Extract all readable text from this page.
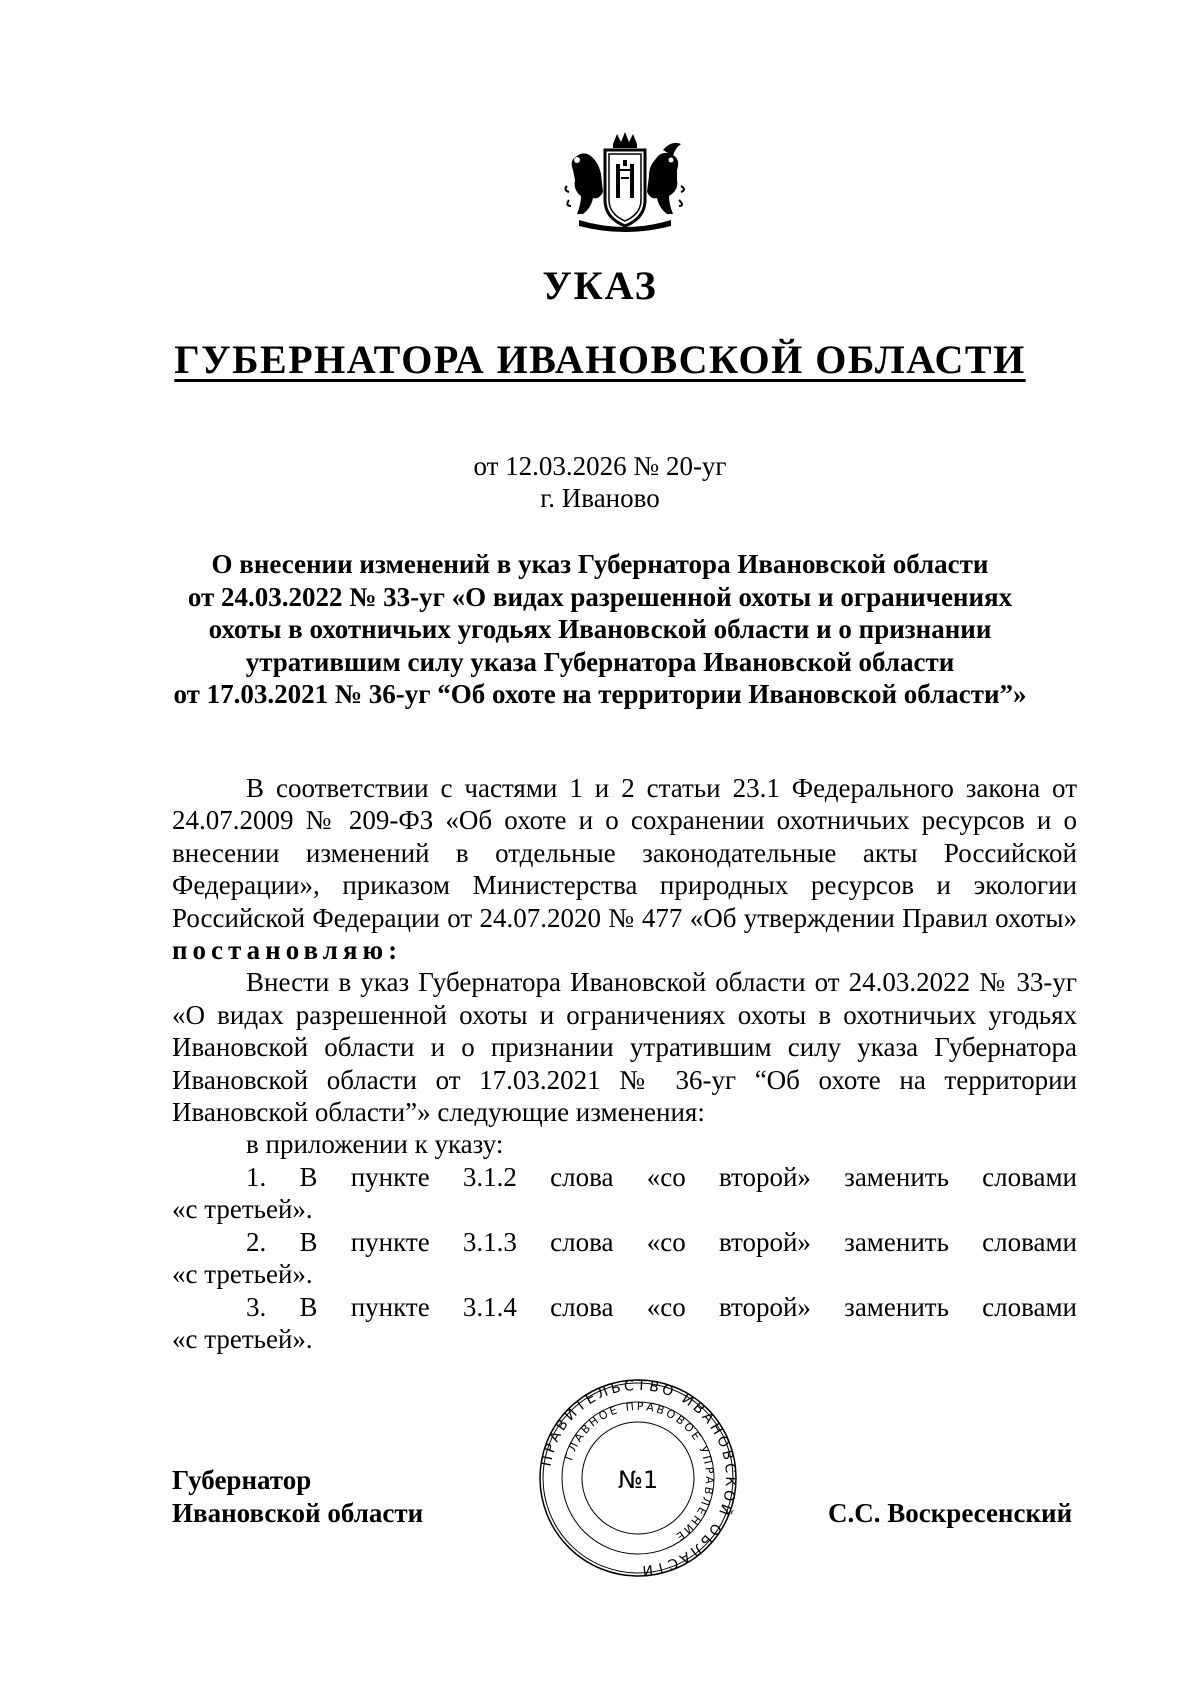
УКАЗ
ГУБЕРНАТОРА ИВАНОВСКОЙ ОБЛАСТИ
от 12.03.2026 № 20-уг
г. Иваново
О внесении изменений в указ Губернатора Ивановской области
от 24.03.2022 № 33-уг «О видах разрешенной охоты и ограничениях
охоты в охотничьих угодьях Ивановской области и о признании
утратившим силу указа Губернатора Ивановской области
от 17.03.2021 № 36-уг “Об охоте на территории Ивановской области”»

В соответствии с частями 1 и 2 статьи 23.1 Федерального закона от 24.07.2009 № 209-ФЗ «Об охоте и о сохранении охотничьих ресурсов и о внесении изменений в отдельные законодательные акты Российской Федерации», приказом Министерства природных ресурсов и экологии Российской Федерации от 24.07.2020 № 477 «Об утверждении Правил охоты» постановляю:

Внести в указ Губернатора Ивановской области от 24.03.2022 № 33-уг «О видах разрешенной охоты и ограничениях охоты в охотничьих угодьях Ивановской области и о признании утратившим силу указа Губернатора Ивановской области от 17.03.2021 № 36-уг “Об охоте на территории Ивановской области”» следующие изменения:

в приложении к указу:

1. В пункте 3.1.2 слова «со второй» заменить словами
«с третьей».
2. В пункте 3.1.3 слова «со второй» заменить словами
«с третьей».
3. В пункте 3.1.4 слова «со второй» заменить словами
«с третьей».
Губернатор
Ивановской области
ПРАВИТЕЛЬСТВО ИВАНОВСКОЙ ОБЛАСТИ
ГЛАВНОЕ ПРАВОВОЕ УПРАВЛЕНИЕ
№1
С.С. Воскресенский
